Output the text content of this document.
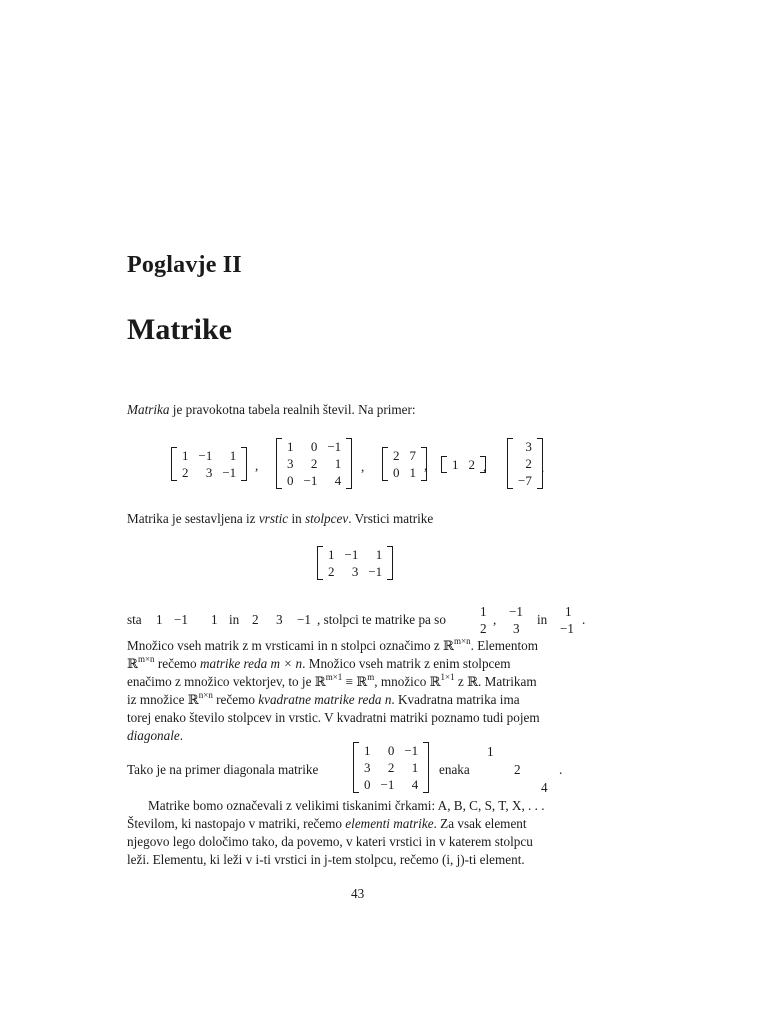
Poglavje II
Matrike
Matrika je pravokotna tabela realnih števil. Na primer:
Matrika je sestavljena iz vrstic in stolpcev. Vrstici matrike
sta 1 −1 1 in 2 3 −1 , stolpci te matrike pa so
1
2
,
−1
3
in
1
−1
.
Množico vseh matrik z m vrsticami in n stolpci označimo z ℝ$^{m\times n}$. Elementom
ℝ$^{m\times n}$ rečemo matrike reda m × n. Množico vseh matrik z enim stolpcem
enačimo z množico vektorjev, to je ℝ$^{m\times 1}$ ≡ ℝ$^m$, množico ℝ$^{1\times 1}$ z ℝ. Matrikam
iz množice ℝ$^{n\times n}$ rečemo kvadratne matrike reda n. Kvadratna matrika ima
torej enako število stolpcev in vrstic. V kvadratni matriki poznamo tudi pojem
diagonale.
Tako je na primer diagonala matrike	enaka
1
2
4
.
Matrike bomo označevali z velikimi tiskanimi črkami: A, B, C, S, T, X, . . .
Številom, ki nastopajo v matriki, rečemo elementi matrike. Za vsak element
njegovo lego določimo tako, da povemo, v kateri vrstici in v katerem stolpcu
leži. Elementu, ki leži v i-ti vrstici in j-tem stolpcu, rečemo (i, j)-ti element.
43
1	−1	1
2	3	−1 ,
1	0	−1
3	2	1
0	−1	4
,
2	7
0	1 , 1	2 ,
3
2
−7
.
1	−1	1
2	3	−1
1	0	−1
3	2	1
0	−1	4
